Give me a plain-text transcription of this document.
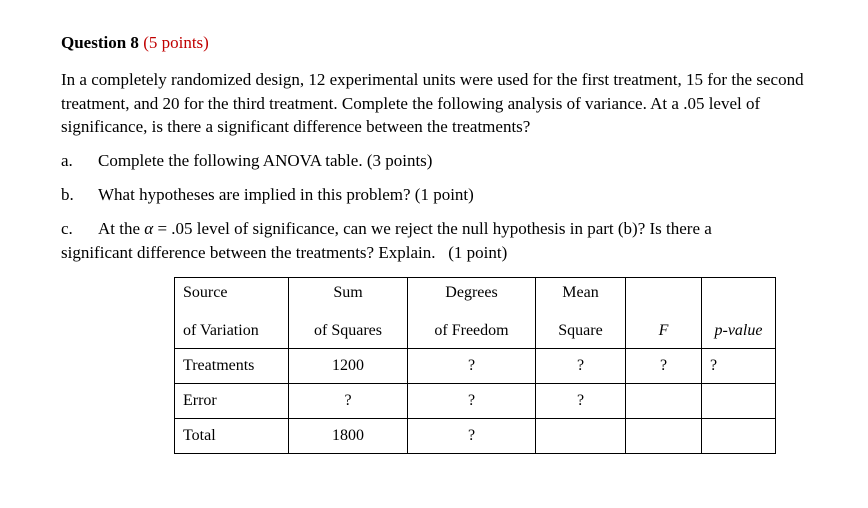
Question 8 (5 points)
In a completely randomized design, 12 experimental units were used for the first treatment, 15 for the second treatment, and 20 for the third treatment. Complete the following analysis of variance. At a .05 level of significance, is there a significant difference between the treatments?
a. Complete the following ANOVA table. (3 points)
b. What hypotheses are implied in this problem? (1 point)
c. At the α = .05 level of significance, can we reject the null hypothesis in part (b)? Is there a
significant difference between the treatments? Explain.   (1 point)
Source	Sum	Degrees	Mean		
of Variation	of Squares	of Freedom	Square	F	p-value
Treatments	1200	?	?	?	?
Error	?	?	?		
Total	1800	?			
